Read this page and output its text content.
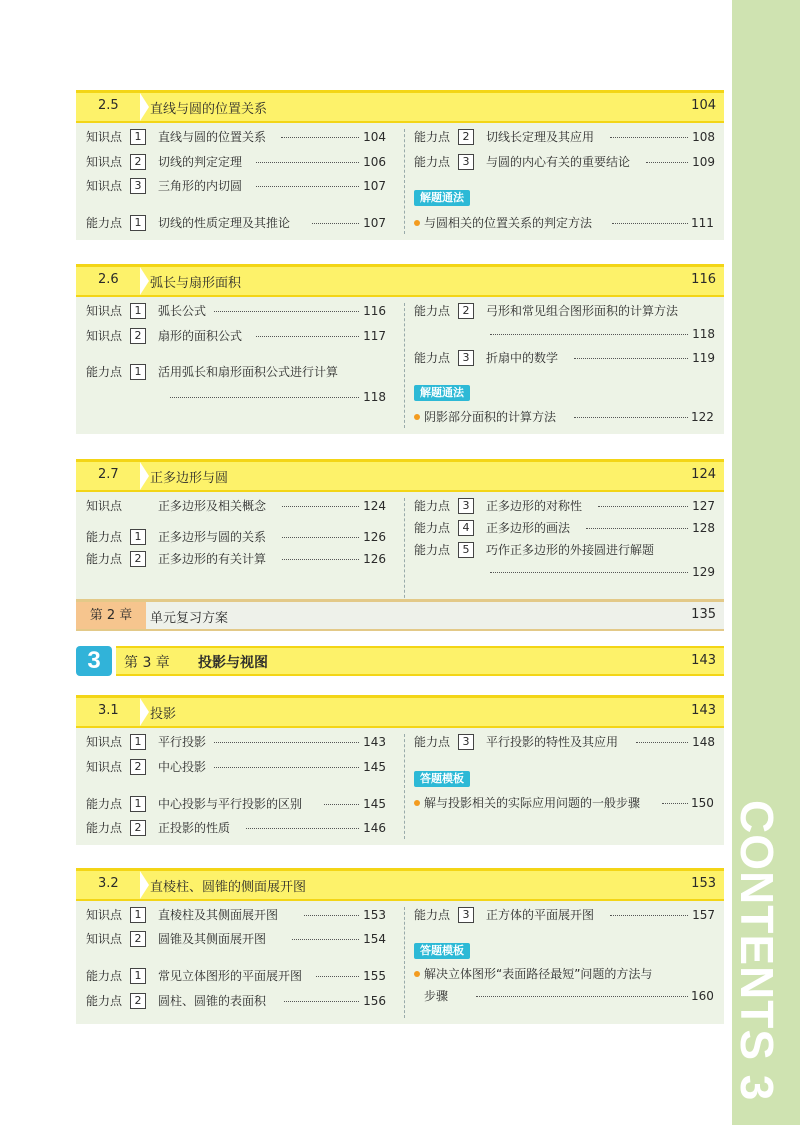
CONTENTS 3
2.5	直线与圆的位置关系	104
知识点	1	直线与圆的位置关系	104
知识点	2	切线的判定定理	106
知识点	3	三角形的内切圆	107
能力点	1	切线的性质定理及其推论	107
能力点	2	切线长定理及其应用	108
能力点	3	与圆的内心有关的重要结论	109
解题通法
与圆相关的位置关系的判定方法	111
2.6	弧长与扇形面积	116
知识点	1	弧长公式	116
知识点	2	扇形的面积公式	117
能力点	1	活用弧长和扇形面积公式进行计算
118
能力点	2	弓形和常见组合图形面积的计算方法
118
能力点	3	折扇中的数学	119
解题通法
阴影部分面积的计算方法	122
2.7	正多边形与圆	124
知识点	正多边形及相关概念	124
能力点	1	正多边形与圆的关系	126
能力点	2	正多边形的有关计算	126
能力点	3	正多边形的对称性	127
能力点	4	正多边形的画法	128
能力点	5	巧作正多边形的外接圆进行解题
129
第 2 章	单元复习方案	135
3	第 3 章 投影与视图	143
3.1	投影	143
知识点	1	平行投影	143
知识点	2	中心投影	145
能力点	1	中心投影与平行投影的区别	145
能力点	2	正投影的性质	146
能力点	3	平行投影的特性及其应用	148
答题模板
解与投影相关的实际应用问题的一般步骤	150
3.2	直棱柱、圆锥的侧面展开图	153
知识点	1	直棱柱及其侧面展开图	153
知识点	2	圆锥及其侧面展开图	154
能力点	1	常见立体图形的平面展开图	155
能力点	2	圆柱、圆锥的表面积	156
能力点	3	正方体的平面展开图	157
答题模板
解决立体图形“表面路径最短”问题的方法与
步骤	160
